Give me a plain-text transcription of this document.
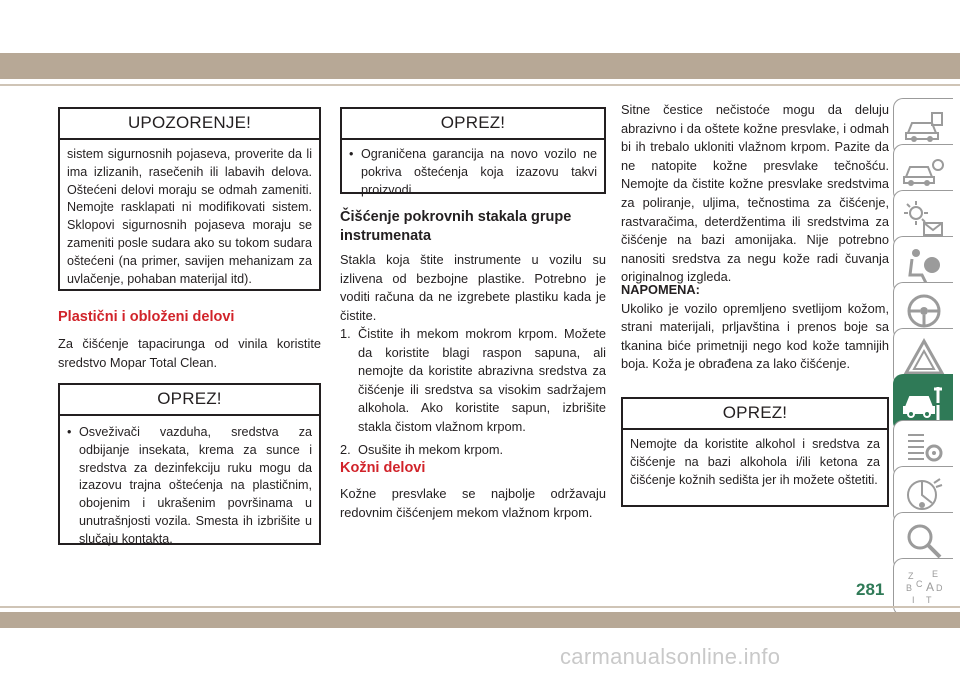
UPOZORENJE!
sistem sigurnosnih pojaseva, proverite da li ima izlizanih, rasečenih ili labavih delova. Oštećeni delovi moraju se odmah zameniti. Nemojte rasklapati ni modifikovati sistem. Sklopovi sigurnosnih pojaseva moraju se zameniti posle sudara ako su tokom sudara oštećeni (na primer, savijen mehanizam za uvlačenje, pohaban materijal itd).
Plastični i obloženi delovi
Za čišćenje tapacirunga od vinila koristite sredstvo Mopar Total Clean.
OPREZ!
• Osveživači vazduha, sredstva za odbijanje insekata, krema za sunce i sredstva za dezinfekciju ruku mogu da izazovu trajna oštećenja na plastičnim, obojenim i ukrašenim površinama u unutrašnjosti vozila. Smesta ih izbrišite u slučaju kontakta.
OPREZ!
• Ograničena garancija na novo vozilo ne pokriva oštećenja koja izazovu takvi proizvodi.
Čišćenje pokrovnih stakala grupe instrumenata
Stakla koja štite instrumente u vozilu su izlivena od bezbojne plastike. Potrebno je voditi računa da ne izgrebete plastiku kada je čistite.
1. Čistite ih mekom mokrom krpom. Možete da koristite blagi raspon sapuna, ali nemojte da koristite abrazivna sredstva za čišćenje ili sredstva sa visokim sadržajem alkohola. Ako koristite sapun, izbrišite stakla čistom vlažnom krpom.
2. Osušite ih mekom krpom.
Kožni delovi
Kožne presvlake se najbolje održavaju redovnim čišćenjem mekom vlažnom krpom.
Sitne čestice nečistoće mogu da deluju abrazivno i da oštete kožne presvlake, i odmah bi ih trebalo ukloniti vlažnom krpom. Pazite da ne natopite kožne presvlake tečnošću. Nemojte da čistite kožne presvlake sredstvima za poliranje, uljima, tečnostima za čišćenje, rastvaračima, deterdžentima ili sredstvima za čišćenje na bazi amonijaka. Nije potrebno nanositi sredstva za negu kože radi čuvanja originalnog izgleda.
NAPOMENA:
Ukoliko je vozilo opremljeno svetlijom kožom, strani materijali, prljavština i prenos boje sa tkanina biće primetniji nego kod kože tamnijih boja. Koža je obrađena za lako čišćenje.
OPREZ!
Nemojte da koristite alkohol i sredstva za čišćenje na bazi alkohola i/ili ketona za čišćenje kožnih sedišta jer ih možete oštetiti.
Z E
B A
C D
I T
281
carmanualsonline.info
